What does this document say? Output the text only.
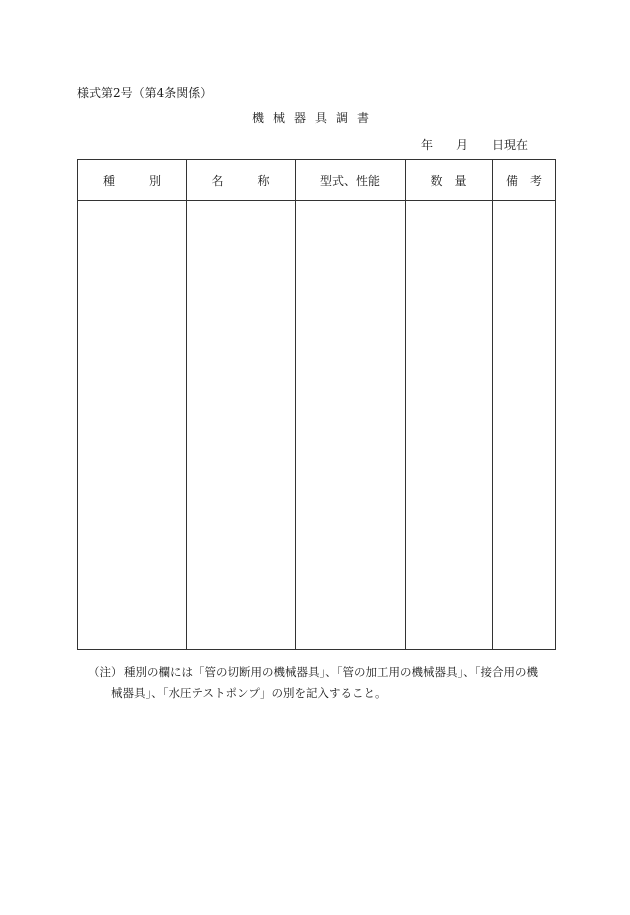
様式第2号（第4条関係）
機械器具調書
年 月 日現在
種別 名称 型式、性能	数量 備考
（注） 種別の欄には「管の切断用の機械器具」、「管の加工用の機械器具」、「接合用の機
械器具」、「水圧テストポンプ」の別を記入すること。
